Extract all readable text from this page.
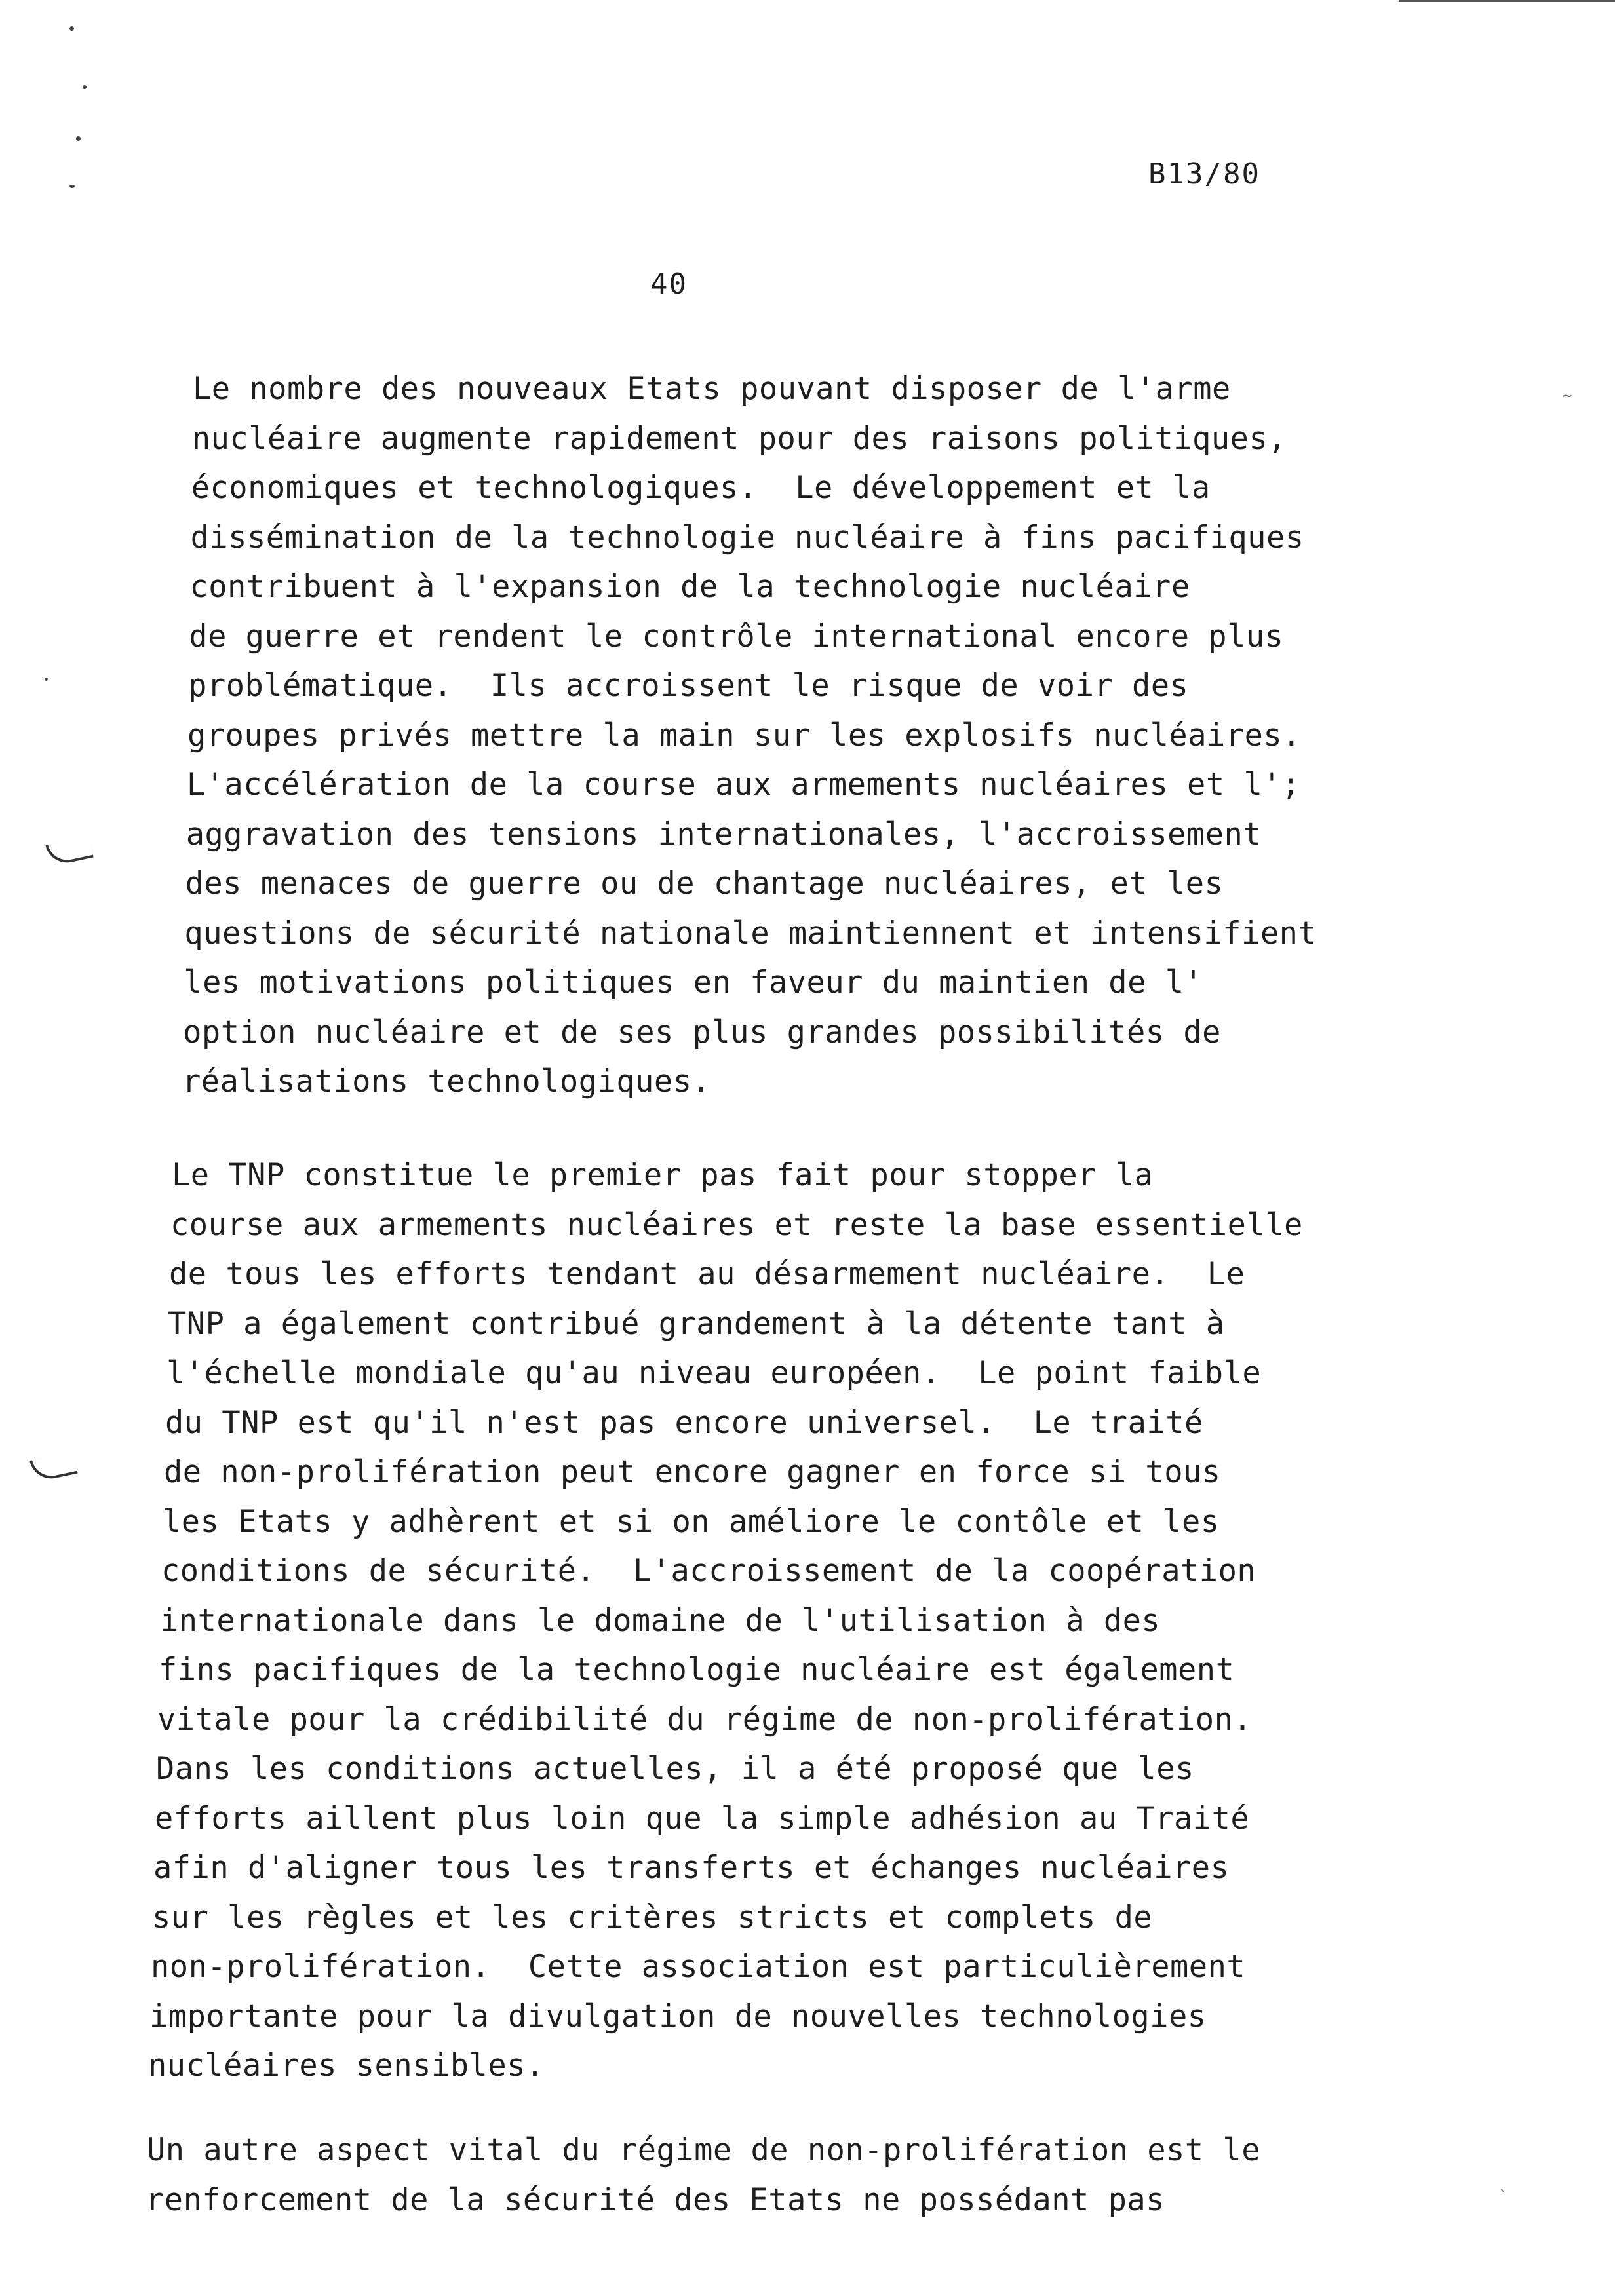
~
`
B13/80
40
Le nombre des nouveaux Etats pouvant disposer de l'arme
nucléaire augmente rapidement pour des raisons politiques,
économiques et technologiques.  Le développement et la
dissémination de la technologie nucléaire à fins pacifiques
contribuent à l'expansion de la technologie nucléaire
de guerre et rendent le contrôle international encore plus
problématique.  Ils accroissent le risque de voir des
groupes privés mettre la main sur les explosifs nucléaires.
L'accélération de la course aux armements nucléaires et l';
aggravation des tensions internationales, l'accroissement
des menaces de guerre ou de chantage nucléaires, et les
questions de sécurité nationale maintiennent et intensifient
les motivations politiques en faveur du maintien de l'
option nucléaire et de ses plus grandes possibilités de
réalisations technologiques.
Le TNP constitue le premier pas fait pour stopper la
course aux armements nucléaires et reste la base essentielle
de tous les efforts tendant au désarmement nucléaire.  Le
TNP a également contribué grandement à la détente tant à
l'échelle mondiale qu'au niveau européen.  Le point faible
du TNP est qu'il n'est pas encore universel.  Le traité
de non-prolifération peut encore gagner en force si tous
les Etats y adhèrent et si on améliore le contôle et les
conditions de sécurité.  L'accroissement de la coopération
internationale dans le domaine de l'utilisation à des
fins pacifiques de la technologie nucléaire est également
vitale pour la crédibilité du régime de non-prolifération.
Dans les conditions actuelles, il a été proposé que les
efforts aillent plus loin que la simple adhésion au Traité
afin d'aligner tous les transferts et échanges nucléaires
sur les règles et les critères stricts et complets de
non-prolifération.  Cette association est particulièrement
importante pour la divulgation de nouvelles technologies
nucléaires sensibles.
Un autre aspect vital du régime de non-prolifération est le
renforcement de la sécurité des Etats ne possédant pas
